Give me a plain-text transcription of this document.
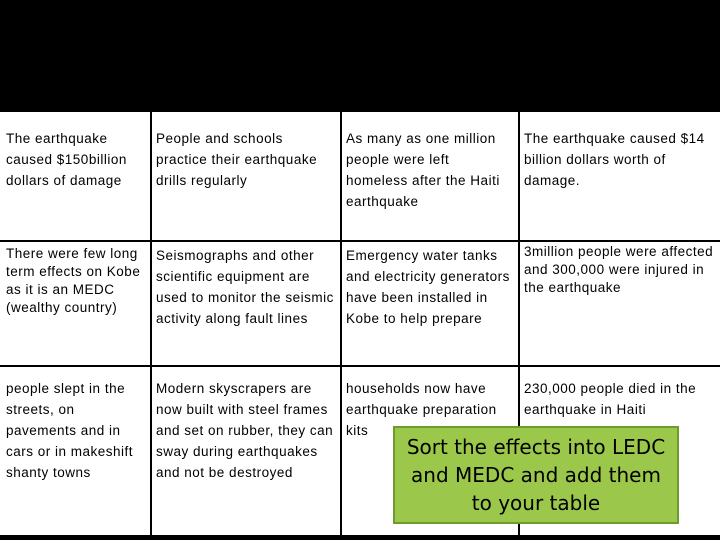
The earthquake caused $150billion dollars of damage
People and schools practice their earthquake drills regularly
As many as one million people were left homeless after the Haiti earthquake
The earthquake caused $14 billion dollars worth of damage.
There were few long term effects on Kobe as it is an MEDC (wealthy country)
Seismographs and other scientific equipment are used to monitor the seismic activity along fault lines
Emergency water tanks and electricity generators have been installed in Kobe to help prepare
3million people were affected and 300,000 were injured in the earthquake
people slept in the streets, on pavements and in cars or in makeshift shanty towns
Modern skyscrapers are now built with steel frames and set on rubber, they can sway during earthquakes and not be destroyed
households now have earthquake preparation kits
230,000 people died in the earthquake in Haiti
Sort the effects into LEDC and MEDC and add them to your table
